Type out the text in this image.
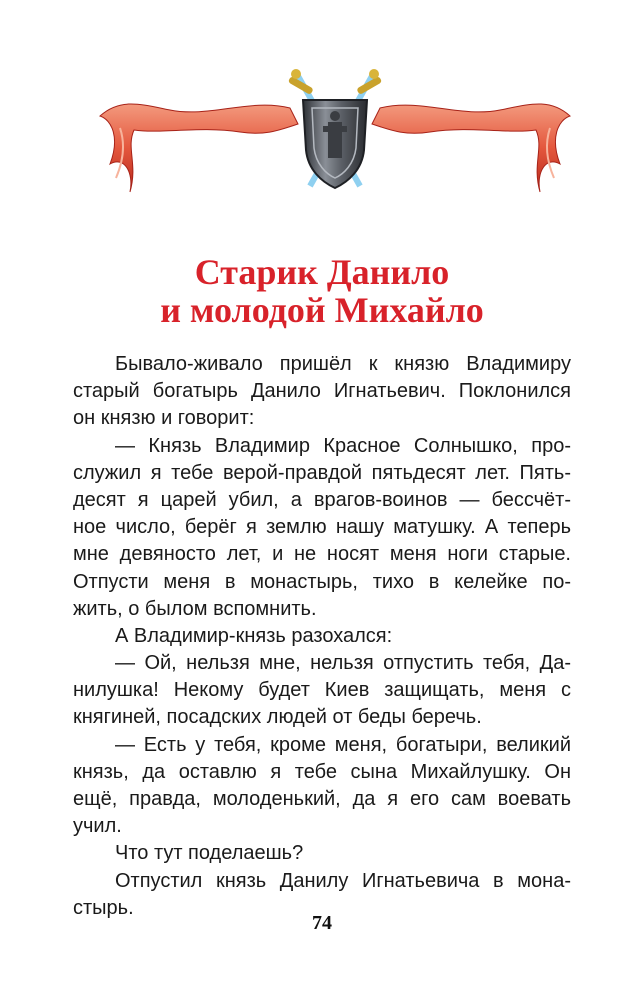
Старик Данило
и молодой Михайло
Бывало-живало пришёл к князю Владимиру
старый богатырь Данило Игнатьевич. Поклонился
он князю и говорит:
— Князь Владимир Красное Солнышко, про-
служил я тебе верой-правдой пятьдесят лет. Пять-
десят я царей убил, а врагов-воинов — бессчёт-
ное число, берёг я землю нашу матушку. А теперь
мне девяносто лет, и не носят меня ноги старые.
Отпусти меня в монастырь, тихо в келейке по-
жить, о былом вспомнить.
А Владимир-князь разохался:
— Ой, нельзя мне, нельзя отпустить тебя, Да-
нилушка! Некому будет Киев защищать, меня с
княгиней, посадских людей от беды беречь.
— Есть у тебя, кроме меня, богатыри, великий
князь, да оставлю я тебе сына Михайлушку. Он
ещё, правда, молоденький, да я его сам воевать
учил.
Что тут поделаешь?
Отпустил князь Данилу Игнатьевича в мона-
стырь.
74
